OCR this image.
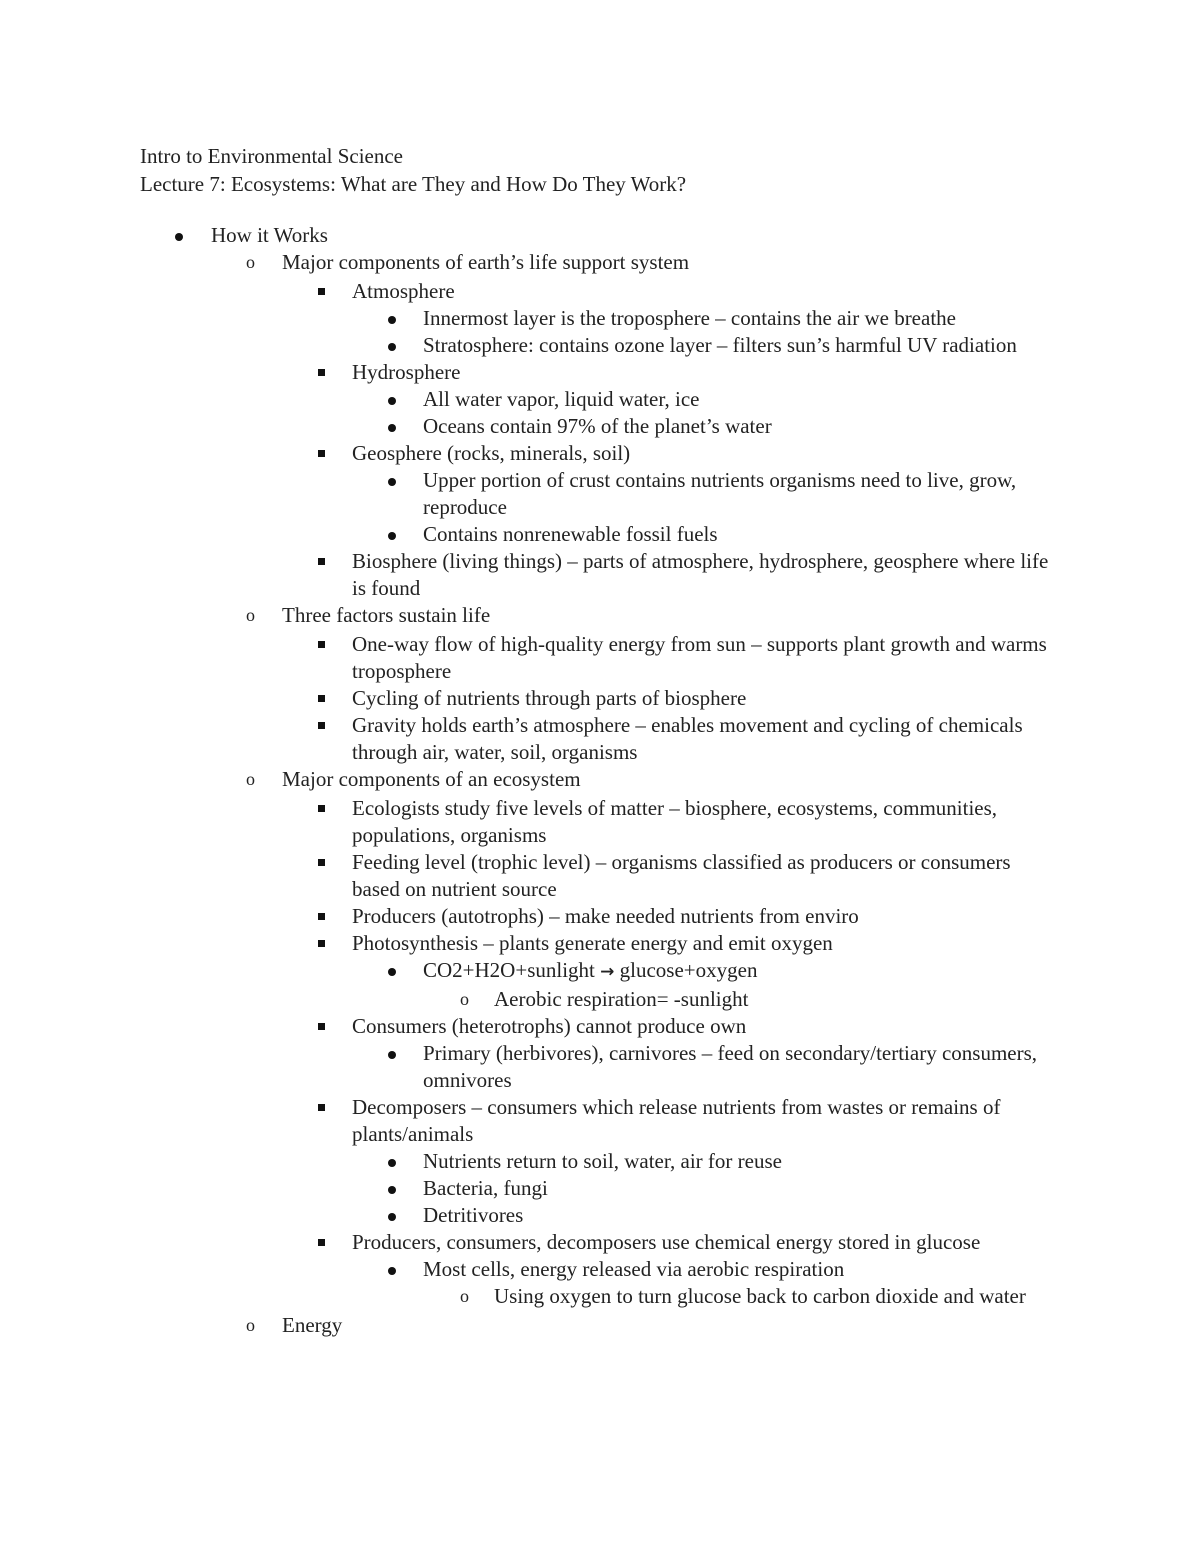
Intro to Environmental Science
Lecture 7: Ecosystems: What are They and How Do They Work?
How it Works
o Major components of earth’s life support system
Atmosphere
Innermost layer is the troposphere – contains the air we breathe
Stratosphere: contains ozone layer – filters sun’s harmful UV radiation
Hydrosphere
All water vapor, liquid water, ice
Oceans contain 97% of the planet’s water
Geosphere (rocks, minerals, soil)
Upper portion of crust contains nutrients organisms need to live, grow, reproduce
Contains nonrenewable fossil fuels
Biosphere (living things) – parts of atmosphere, hydrosphere, geosphere where life is found
o Three factors sustain life
One-way flow of high-quality energy from sun – supports plant growth and warms troposphere
Cycling of nutrients through parts of biosphere
Gravity holds earth’s atmosphere – enables movement and cycling of chemicals through air, water, soil, organisms
o Major components of an ecosystem
Ecologists study five levels of matter – biosphere, ecosystems, communities, populations, organisms
Feeding level (trophic level) – organisms classified as producers or consumers based on nutrient source
Producers (autotrophs) – make needed nutrients from enviro
Photosynthesis – plants generate energy and emit oxygen
CO2+H2O+sunlight → glucose+oxygen
o Aerobic respiration= -sunlight
Consumers (heterotrophs) cannot produce own
Primary (herbivores), carnivores – feed on secondary/tertiary consumers, omnivores
Decomposers – consumers which release nutrients from wastes or remains of plants/animals
Nutrients return to soil, water, air for reuse
Bacteria, fungi
Detritivores
Producers, consumers, decomposers use chemical energy stored in glucose
Most cells, energy released via aerobic respiration
o Using oxygen to turn glucose back to carbon dioxide and water
o Energy
